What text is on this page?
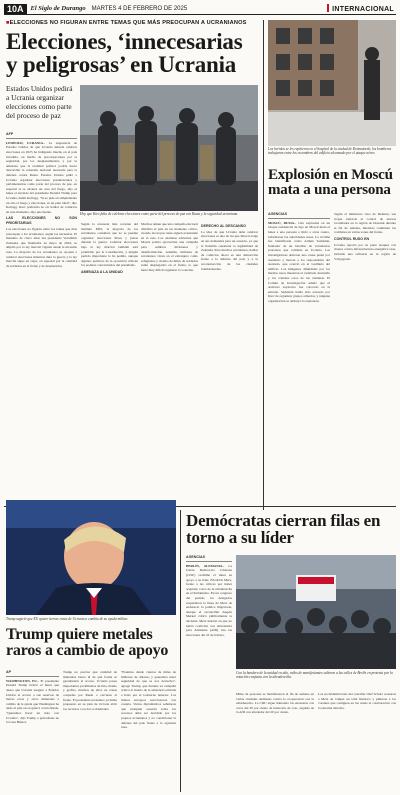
10A	El Siglo de Durango MARTES 4 DE FEBRERO DE 2025	INTERNACIONAL
■ ELECCIONES NO FIGURAN ENTRE TEMAS QUE MÁS PREOCUPAN A UCRANIANOS
Elecciones, ‘innecesarias y peligrosas’ en Ucrania
Estados Unidos pedirá a Ucrania organizar elecciones como parte del proceso de paz
Hoy que Kiev falta de celebrar elecciones como parte del proceso de paz con Rusia y la seguridad ucraniana.
AFP
LEOPOLD, UCRANIA.- La sugerencia de Estados Unidos de que Ucrania debería celebrar elecciones en 2025 ha indignado mucho en el país invadido, en medio de preocupaciones por la seguridad, por los desplazamientos y por la amenaza que la realidad política podría hacer descarrilar la cohesión nacional necesaria para la defensa contra Rusia. Estados Unidos pidió a Ucrania organizar elecciones presidenciales y parlamentarias como parte del proceso de paz, en especial si se alcanza un cese del fuego, dijo el lunes el enviado del presidente Donald Trump para Ucrania, Keith Kellogg. "Si se pide en simplemente un alto el fuego y elecciones, es un plan ideal", dijo Kellogg. Kiev preferiría no oír hablar de comicios en este momento, dijo una fuente.
LAS ELECCIONES NO SON PRIORITARIAS
Las elecciones no figuran entre los temas que más preocupan a los ucranianos, según las encuestas. El mandato de cinco años del presidente Volodímir Zelenski, que finalizaba en mayo de 2024, se amplió por la ley marcial vigente desde la invasión rusa. La mayoría de los ucranianos se oponen a celebrar elecciones mientras dura la guerra y la ley marcial sigue en vigor, en especial por la cantidad de soldados en el frente y de desplazados.
Según la encuesta más reciente del instituto KIIS, la mayoría de los ucranianos considera que no se pueden organizar elecciones libres y justas durante la guerra. Celebrar elecciones bajo la ley marcial también está prohibido por la Constitución, y ningún partido importante lo ha pedido, aunque algunos políticos de la oposición critican los poderes concentrados del presidente.
AMENAZA A LA UNIDAD
Muchos temen que una campaña electoral dividiría al país en un momento crítico, cuando las tropas rusas siguen avanzando en el este. Los analistas advierten que Moscú podría aprovechar una campaña para sembrar divisiones y desinformación. Además, millones de ucranianos viven en el extranjero como refugiados y cientos de miles de soldados están desplegados en el frente, lo que haría muy difícil organizar la votación.
DERECHO AL DESCANSO
La idea de que Ucrania debe celebrar elecciones es una de las que Moscú exige en sus demandas para un acuerdo, ya que el Kremlin cuestiona la legitimidad de Zelenski. Para muchos ucranianos, hablar de comicios ahora es una distracción frente a la defensa del país y a la reconstrucción de las ciudades bombardeadas.
Los heridos se les repitieron en el hospital de la ciudad de Kramatorsk; los bomberos trabajaron entre los escombros del edificio alcanzado por el ataque aéreo.
Explosión en Moscú mata a una persona
AGENCIAS
MOSCÚ, RUSIA.- Una explosión en un bloque residencial de lujo en Moscú mató el lunes a una persona e hirió a otras cuatro, informaron las autoridades rusas. La víctima fue identificada como Armén Sarkisián, fundador de un batallón de voluntarios prorrusos que combate en Ucrania. Los investigadores abrieron una causa penal por asesinato y buscan a los responsables del atentado, que ocurrió en el vestíbulo del edificio. Las imágenes difundidas por los medios rusos muestran el vestíbulo destruido y los cristales rotos de las ventanas. El Comité de Investigación señaló que el artefacto explosivo fue colocado en la entrada. Sarkisián había sido acusado por Kiev de organizar grupos armados, y ninguna organización se atribuyó la explosión.
Según el ministerio ruso de Defensa, sus tropas tomaron el control de nuevas localidades en la región de Donetsk durante el fin de semana, mientras continúan los combates en varias zonas del frente.
CONTROL RUSO EN
Ucrania reportó por su parte ataques con drones contra infraestructura energética rusa, incluida una refinería en la región de Vólgogrado.
Trump sugirió que EU quiere tierras raras de Ucrania a cambio de su ayuda militar.
Trump quiere metales raros a cambio de apoyo
AP
WASHINGTON, EU.- El presidente Donald Trump indicó el lunes que desea que Ucrania asegure a Estados Unidos el acceso a sus reservas de tierras raras y otros minerales a cambio de la ayuda que Washington ha dado al país en su guerra contra Rusia. "Queremos hacer un trato con Ucrania", dijo Trump a periodistas en la Casa Blanca.
Trump no precisó qué cantidad de minerales busca ni de qué forma se garantizaría el acceso. Ucrania posee importantes yacimientos de litio, titanio y grafito, muchos de ellos en zonas ocupadas por Rusia o cercanas al frente. El presidente ucraniano ya había propuesto en su plan de victoria abrir los recursos a socios occidentales.
"Estamos dando cientos de miles de millones de dólares, y queremos tener seguridad de que se nos devuelva", agregó Trump, que durante su campaña criticó el monto de la asistencia enviada a Kiev por el Gobierno anterior. Los líderes europeos reaccionaron con cautela. Varios diplomáticos señalaron que cualquier acuerdo sobre los recursos debe ser decidido por los propios ucranianos y no condicionar la defensa del país frente a la agresión rusa.
Demócratas cierran filas en torno a su líder
AGENCIAS
BERLÍN, ALEMANIA.- La Unión Demócrata Cristiana (CDU) reafirmó el lunes su apoyo a su líder, Friedrich Merz, frente a las críticas por haber aceptado votos de la ultraderecha en el Parlamento. En un congreso del partido, los delegados respaldaron la línea de Merz de endurecer la política migratoria, aunque el excanciller Angela Merkel criticó públicamente la decisión. Merz insistió en que no habrá coalición con Alternativa para Alemania (AfD) tras las elecciones del 23 de febrero.
Con la bandera de la unidad en alto, miles de manifestantes salieron a las calles de Berlín en protesta por la votación conjunta con la ultraderecha.
Miles de personas se manifestaron el fin de semana en varias ciudades alemanas contra la cooperación con la ultraderecha. La CDU sigue liderando las encuestas con cerca del 30 por ciento de intención de voto, seguida de la AfD con alrededor del 20 por ciento.
Los socialdemócratas del canciller Olaf Scholz acusaron a Merz de romper un tabú histórico y pidieron a los votantes que castiguen en las urnas la colaboración con la extrema derecha.
